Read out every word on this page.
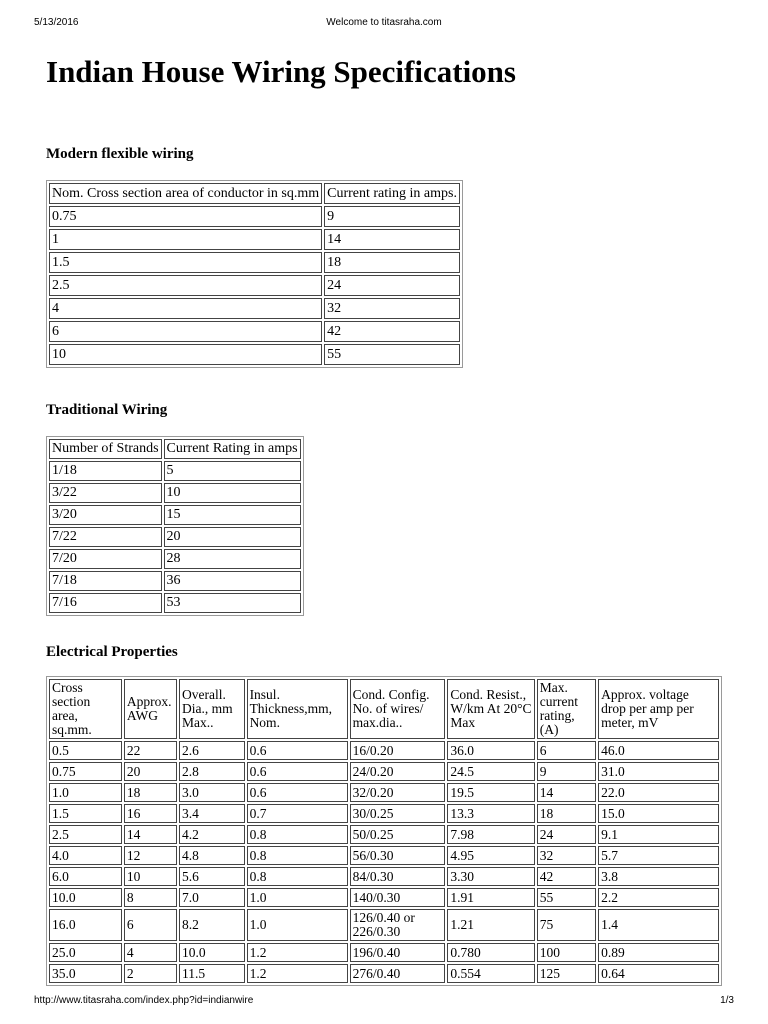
5/13/2016	Welcome to titasraha.com
Indian House Wiring Specifications
Modern flexible wiring
Nom. Cross section area of conductor in sq.mm	Current rating in amps.
0.75	9
1	14
1.5	18
2.5	24
4	32
6	42
10	55
Traditional Wiring
Number of Strands	Current Rating in amps
1/18	5
3/22	10
3/20	15
7/22	20
7/20	28
7/18	36
7/16	53
Electrical Properties
Cross section area, sq.mm.	Approx. AWG	Overall. Dia., mm Max..	Insul. Thickness,mm, Nom.	Cond. Config. No. of wires/ max.dia..	Cond. Resist., W/km At 20°C Max	Max. current rating, (A)	Approx. voltage drop per amp per meter, mV
0.5	22	2.6	0.6	16/0.20	36.0	6	46.0
0.75	20	2.8	0.6	24/0.20	24.5	9	31.0
1.0	18	3.0	0.6	32/0.20	19.5	14	22.0
1.5	16	3.4	0.7	30/0.25	13.3	18	15.0
2.5	14	4.2	0.8	50/0.25	7.98	24	9.1
4.0	12	4.8	0.8	56/0.30	4.95	32	5.7
6.0	10	5.6	0.8	84/0.30	3.30	42	3.8
10.0	8	7.0	1.0	140/0.30	1.91	55	2.2
16.0	6	8.2	1.0	126/0.40 or 226/0.30	1.21	75	1.4
25.0	4	10.0	1.2	196/0.40	0.780	100	0.89
35.0	2	11.5	1.2	276/0.40	0.554	125	0.64
http://www.titasraha.com/index.php?id=indianwire	1/3
